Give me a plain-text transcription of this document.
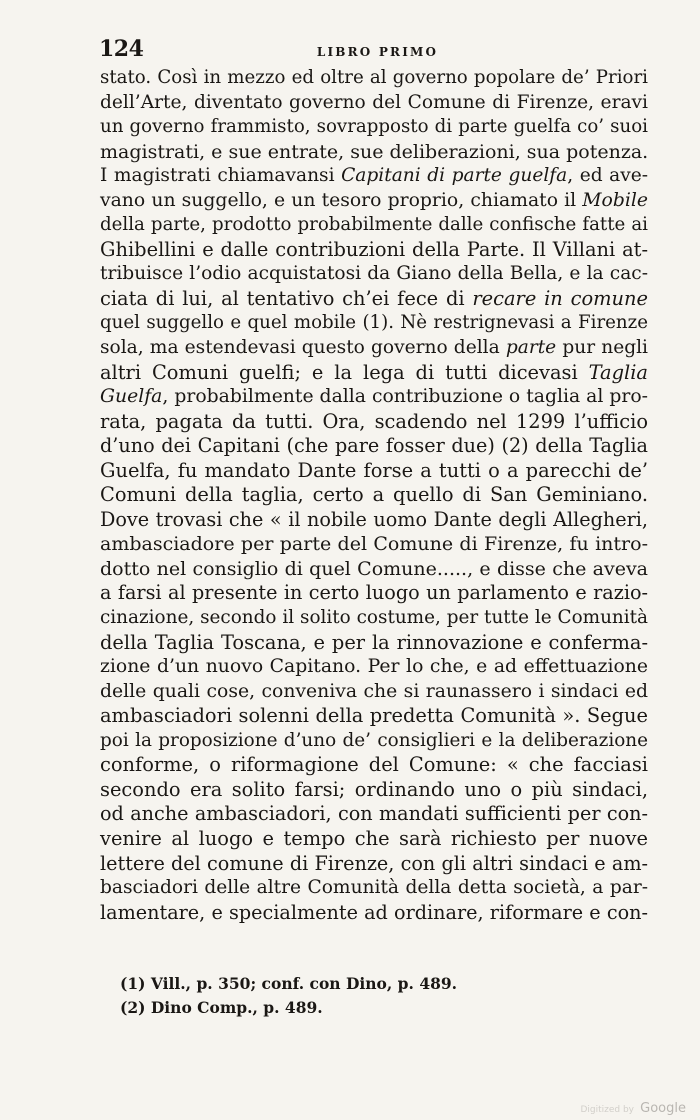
124	LIBRO PRIMO
stato. Così in mezzo ed oltre al governo popolare de’ Priori
dell’Arte, diventato governo del Comune di Firenze, eravi
un governo frammisto, sovrapposto di parte guelfa co’ suoi
magistrati, e sue entrate, sue deliberazioni, sua potenza.
I magistrati chiamavansi Capitani di parte guelfa, ed ave-
vano un suggello, e un tesoro proprio, chiamato il Mobile
della parte, prodotto probabilmente dalle confische fatte ai
Ghibellini e dalle contribuzioni della Parte. Il Villani at-
tribuisce l’odio acquistatosi da Giano della Bella, e la cac-
ciata di lui, al tentativo ch’ei fece di recare in comune
quel suggello e quel mobile (1). Nè restrignevasi a Firenze
sola, ma estendevasi questo governo della parte pur negli
altri Comuni guelfi; e la lega di tutti dicevasi Taglia
Guelfa, probabilmente dalla contribuzione o taglia al pro-
rata, pagata da tutti. Ora, scadendo nel 1299 l’ufficio
d’uno dei Capitani (che pare fosser due) (2) della Taglia
Guelfa, fu mandato Dante forse a tutti o a parecchi de’
Comuni della taglia, certo a quello di San Geminiano.
Dove trovasi che « il nobile uomo Dante degli Allegheri,
ambasciadore per parte del Comune di Firenze, fu intro-
dotto nel consiglio di quel Comune....., e disse che aveva
a farsi al presente in certo luogo un parlamento e razio-
cinazione, secondo il solito costume, per tutte le Comunità
della Taglia Toscana, e per la rinnovazione e conferma-
zione d’un nuovo Capitano. Per lo che, e ad effettuazione
delle quali cose, conveniva che si raunassero i sindaci ed
ambasciadori solenni della predetta Comunità ». Segue
poi la proposizione d’uno de’ consiglieri e la deliberazione
conforme, o riformagione del Comune: « che facciasi
secondo era solito farsi; ordinando uno o più sindaci,
od anche ambasciadori, con mandati sufficienti per con-
venire al luogo e tempo che sarà richiesto per nuove
lettere del comune di Firenze, con gli altri sindaci e am-
basciadori delle altre Comunità della detta società, a par-
lamentare, e specialmente ad ordinare, riformare e con-
(1) Vill., p. 350; conf. con Dino, p. 489.
(2) Dino Comp., p. 489.
Digitized by Google
